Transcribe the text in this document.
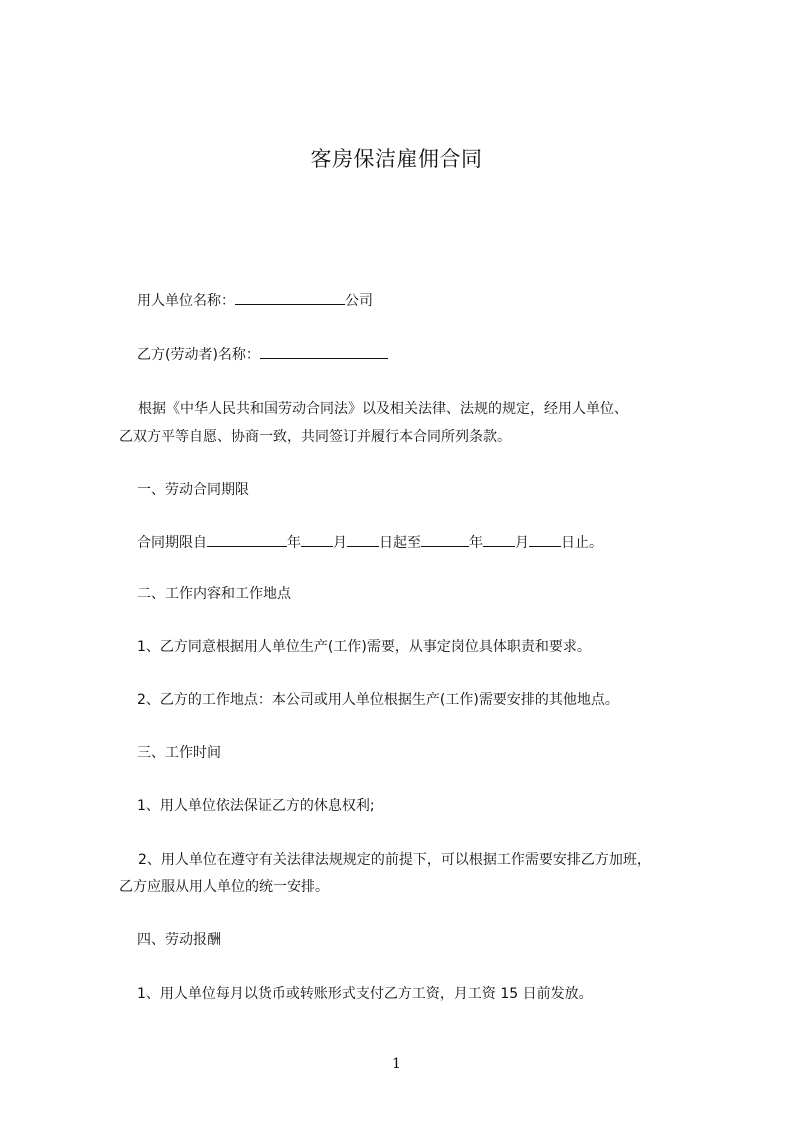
客房保洁雇佣合同
用人单位名称：	公司
乙方(劳动者)名称：
根据《中华人民共和国劳动合同法》以及相关法律、法规的规定，经用人单位、
乙双方平等自愿、协商一致，共同签订并履行本合同所列条款。
一、劳动合同期限
合同期限自	年 月 日起至	年 月 日止。
二、工作内容和工作地点
1、乙方同意根据用人单位生产(工作)需要，从事定岗位具体职责和要求。
2、乙方的工作地点：本公司或用人单位根据生产(工作)需要安排的其他地点。
三、工作时间
1、用人单位依法保证乙方的休息权利;
2、用人单位在遵守有关法律法规规定的前提下，可以根据工作需要安排乙方加班，
乙方应服从用人单位的统一安排。
四、劳动报酬
1、用人单位每月以货币或转账形式支付乙方工资，月工资 15 日前发放。
1
